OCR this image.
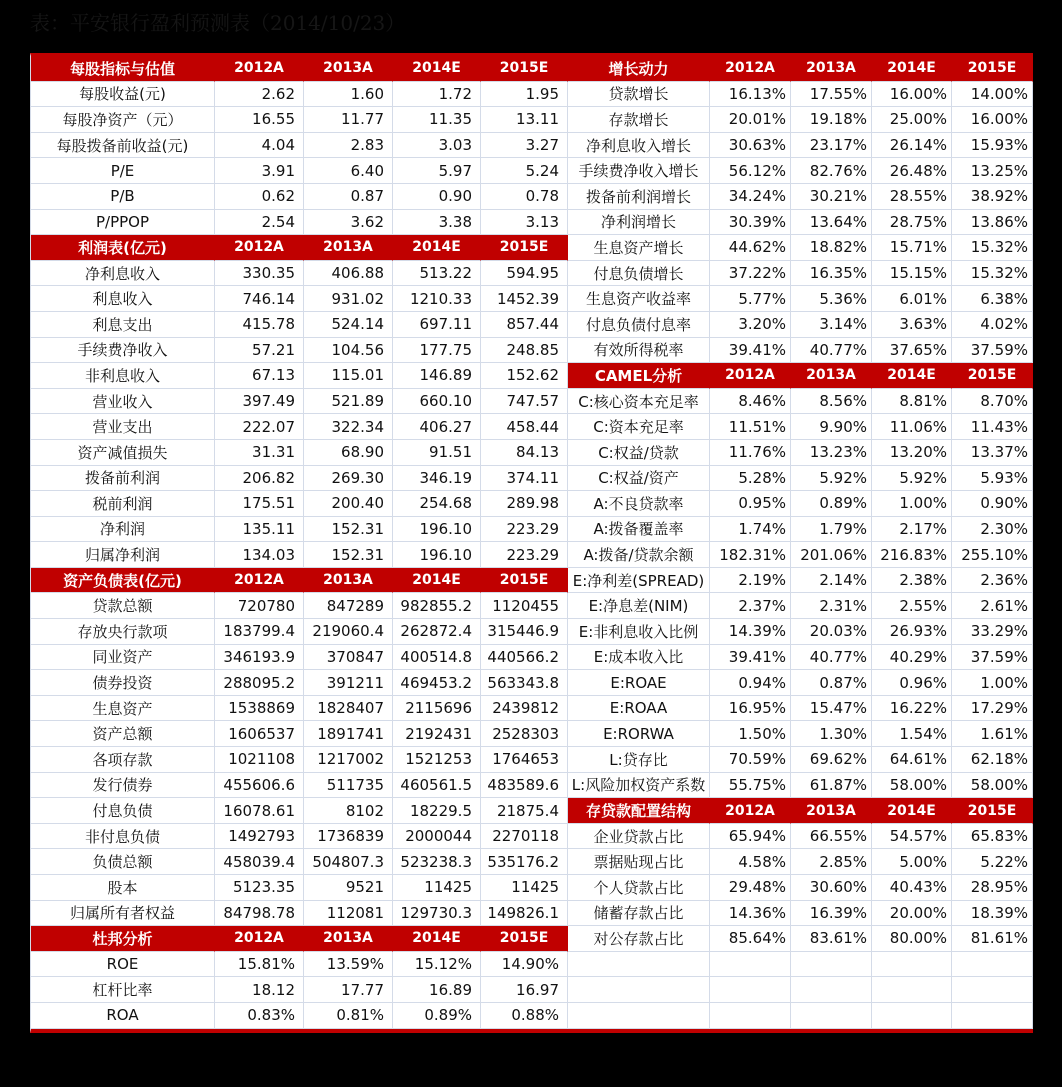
表：平安银行盈利预测表（2014/10/23）
每股指标与估值	2012A	2013A	2014E	2015E
每股收益(元)	2.62	1.60	1.72	1.95
每股净资产（元）	16.55	11.77	11.35	13.11
每股拨备前收益(元)	4.04	2.83	3.03	3.27
P/E	3.91	6.40	5.97	5.24
P/B	0.62	0.87	0.90	0.78
P/PPOP	2.54	3.62	3.38	3.13
利润表(亿元)	2012A	2013A	2014E	2015E
净利息收入	330.35	406.88	513.22	594.95
利息收入	746.14	931.02	1210.33	1452.39
利息支出	415.78	524.14	697.11	857.44
手续费净收入	57.21	104.56	177.75	248.85
非利息收入	67.13	115.01	146.89	152.62
营业收入	397.49	521.89	660.10	747.57
营业支出	222.07	322.34	406.27	458.44
资产减值损失	31.31	68.90	91.51	84.13
拨备前利润	206.82	269.30	346.19	374.11
税前利润	175.51	200.40	254.68	289.98
净利润	135.11	152.31	196.10	223.29
归属净利润	134.03	152.31	196.10	223.29
资产负债表(亿元)	2012A	2013A	2014E	2015E
贷款总额	720780	847289	982855.2	1120455
存放央行款项	183799.4	219060.4	262872.4	315446.9
同业资产	346193.9	370847	400514.8	440566.2
债券投资	288095.2	391211	469453.2	563343.8
生息资产	1538869	1828407	2115696	2439812
资产总额	1606537	1891741	2192431	2528303
各项存款	1021108	1217002	1521253	1764653
发行债券	455606.6	511735	460561.5	483589.6
付息负债	16078.61	8102	18229.5	21875.4
非付息负债	1492793	1736839	2000044	2270118
负债总额	458039.4	504807.3	523238.3	535176.2
股本	5123.35	9521	11425	11425
归属所有者权益	84798.78	112081	129730.3	149826.1
杜邦分析	2012A	2013A	2014E	2015E
ROE	15.81%	13.59%	15.12%	14.90%
杠杆比率	18.12	17.77	16.89	16.97
ROA	0.83%	0.81%	0.89%	0.88%
增长动力	2012A	2013A	2014E	2015E
贷款增长	16.13%	17.55%	16.00%	14.00%
存款增长	20.01%	19.18%	25.00%	16.00%
净利息收入增长	30.63%	23.17%	26.14%	15.93%
手续费净收入增长	56.12%	82.76%	26.48%	13.25%
拨备前利润增长	34.24%	30.21%	28.55%	38.92%
净利润增长	30.39%	13.64%	28.75%	13.86%
生息资产增长	44.62%	18.82%	15.71%	15.32%
付息负债增长	37.22%	16.35%	15.15%	15.32%
生息资产收益率	5.77%	5.36%	6.01%	6.38%
付息负债付息率	3.20%	3.14%	3.63%	4.02%
有效所得税率	39.41%	40.77%	37.65%	37.59%
CAMEL分析	2012A	2013A	2014E	2015E
C:核心资本充足率	8.46%	8.56%	8.81%	8.70%
C:资本充足率	11.51%	9.90%	11.06%	11.43%
C:权益/贷款	11.76%	13.23%	13.20%	13.37%
C:权益/资产	5.28%	5.92%	5.92%	5.93%
A:不良贷款率	0.95%	0.89%	1.00%	0.90%
A:拨备覆盖率	1.74%	1.79%	2.17%	2.30%
A:拨备/贷款余额	182.31% 201.06% 216.83% 255.10%
E:净利差(SPREAD)	2.19%	2.14%	2.38%	2.36%
E:净息差(NIM)	2.37%	2.31%	2.55%	2.61%
E:非利息收入比例	14.39%	20.03%	26.93%	33.29%
E:成本收入比	39.41%	40.77%	40.29%	37.59%
E:ROAE	0.94%	0.87%	0.96%	1.00%
E:ROAA	16.95%	15.47%	16.22%	17.29%
E:RORWA	1.50%	1.30%	1.54%	1.61%
L:贷存比	70.59%	69.62%	64.61%	62.18%
L:风险加权资产系数	55.75%	61.87%	58.00%	58.00%
存贷款配置结构	2012A	2013A	2014E	2015E
企业贷款占比	65.94%	66.55%	54.57%	65.83%
票据贴现占比	4.58%	2.85%	5.00%	5.22%
个人贷款占比	29.48%	30.60%	40.43%	28.95%
储蓄存款占比	14.36%	16.39%	20.00%	18.39%
对公存款占比	85.64%	83.61%	80.00%	81.61%
